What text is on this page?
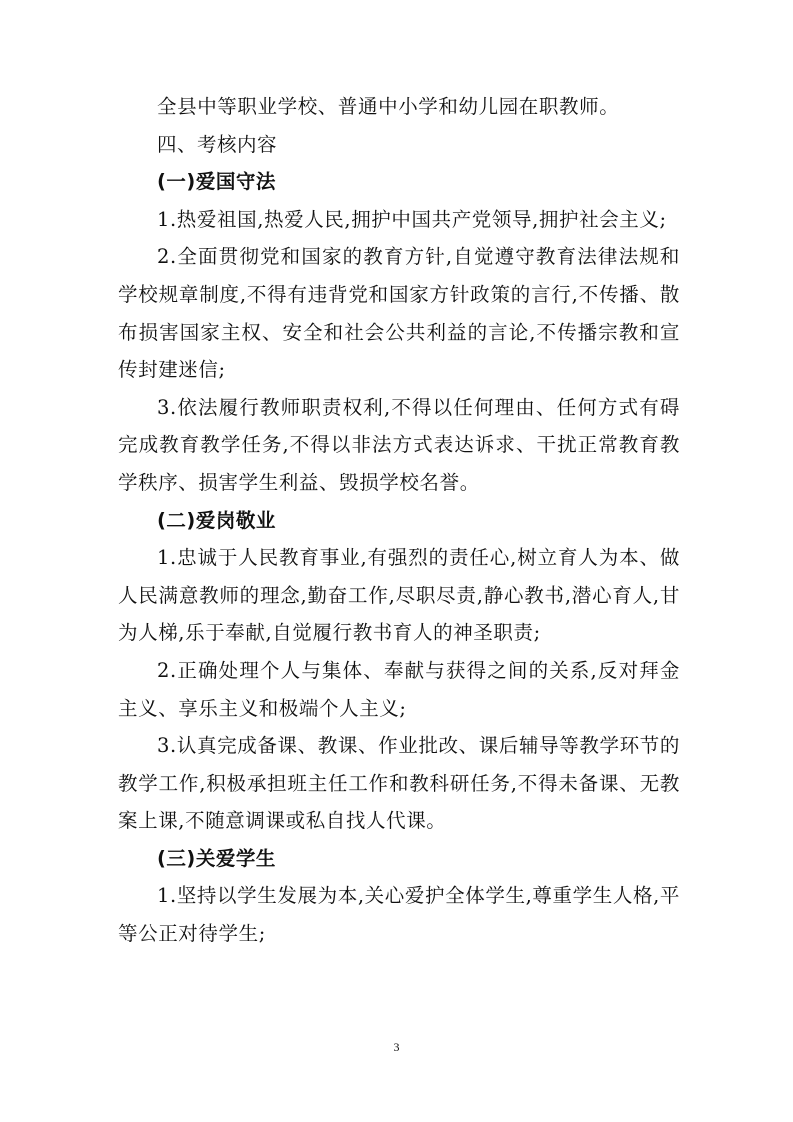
全县中等职业学校、普通中小学和幼儿园在职教师。

四、考核内容

(一)爱国守法

1.热爱祖国,热爱人民,拥护中国共产党领导,拥护社会主义;

2.全面贯彻党和国家的教育方针,自觉遵守教育法律法规和学校规章制度,不得有违背党和国家方针政策的言行,不传播、散布损害国家主权、安全和社会公共利益的言论,不传播宗教和宣传封建迷信;

3.依法履行教师职责权利,不得以任何理由、任何方式有碍完成教育教学任务,不得以非法方式表达诉求、干扰正常教育教学秩序、损害学生利益、毁损学校名誉。

(二)爱岗敬业

1.忠诚于人民教育事业,有强烈的责任心,树立育人为本、做人民满意教师的理念,勤奋工作,尽职尽责,静心教书,潜心育人,甘为人梯,乐于奉献,自觉履行教书育人的神圣职责;

2.正确处理个人与集体、奉献与获得之间的关系,反对拜金主义、享乐主义和极端个人主义;

3.认真完成备课、教课、作业批改、课后辅导等教学环节的教学工作,积极承担班主任工作和教科研任务,不得未备课、无教案上课,不随意调课或私自找人代课。

(三)关爱学生

1.坚持以学生发展为本,关心爱护全体学生,尊重学生人格,平等公正对待学生;

3
